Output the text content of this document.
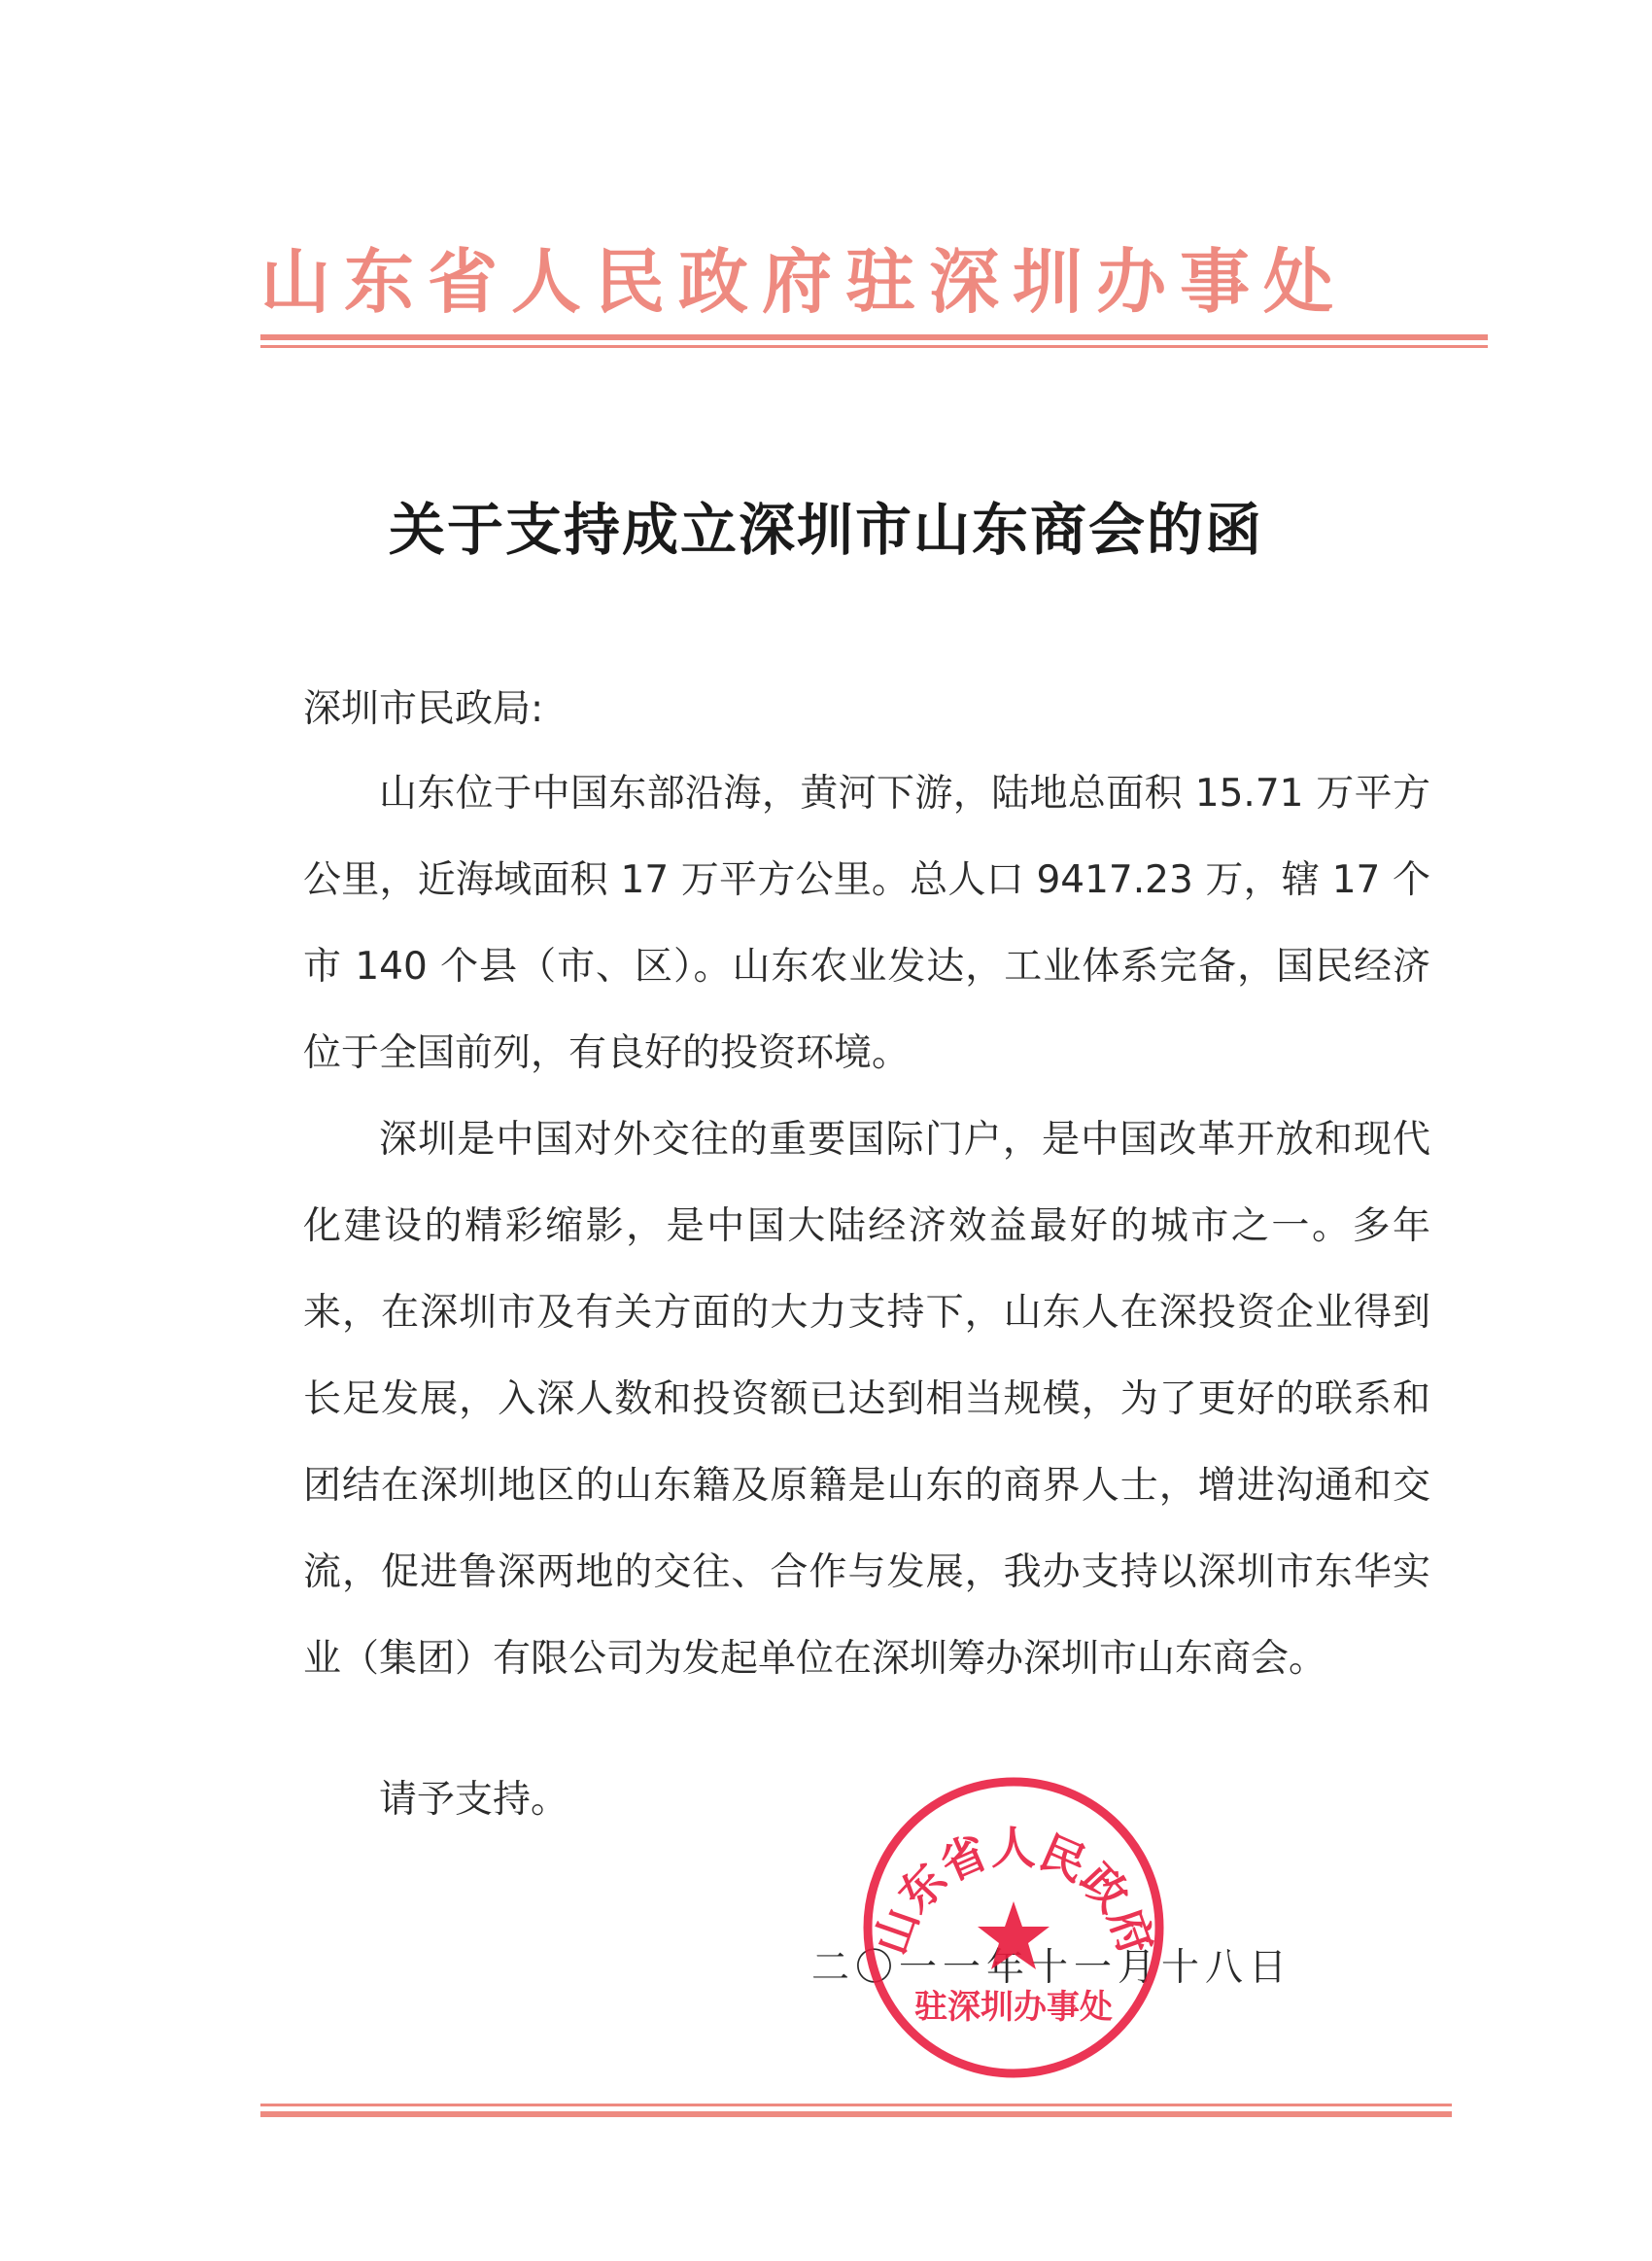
山东省人民政府驻深圳办事处
关于支持成立深圳市山东商会的函
深圳市民政局:

山东位于中国东部沿海，黄河下游，陆地总面积 15.71 万平方公里，近海域面积 17 万平方公里。总人口 9417.23 万，辖 17 个市 140 个县（市、区）。山东农业发达，工业体系完备，国民经济位于全国前列，有良好的投资环境。

深圳是中国对外交往的重要国际门户，是中国改革开放和现代化建设的精彩缩影，是中国大陆经济效益最好的城市之一。多年来，在深圳市及有关方面的大力支持下，山东人在深投资企业得到长足发展，入深人数和投资额已达到相当规模，为了更好的联系和团结在深圳地区的山东籍及原籍是山东的商界人士，增进沟通和交流，促进鲁深两地的交往、合作与发展，我办支持以深圳市东华实业（集团）有限公司为发起单位在深圳筹办深圳市山东商会。

请予支持。
二〇一一年十一月十八日
山东省人民政府
驻深圳办事处
